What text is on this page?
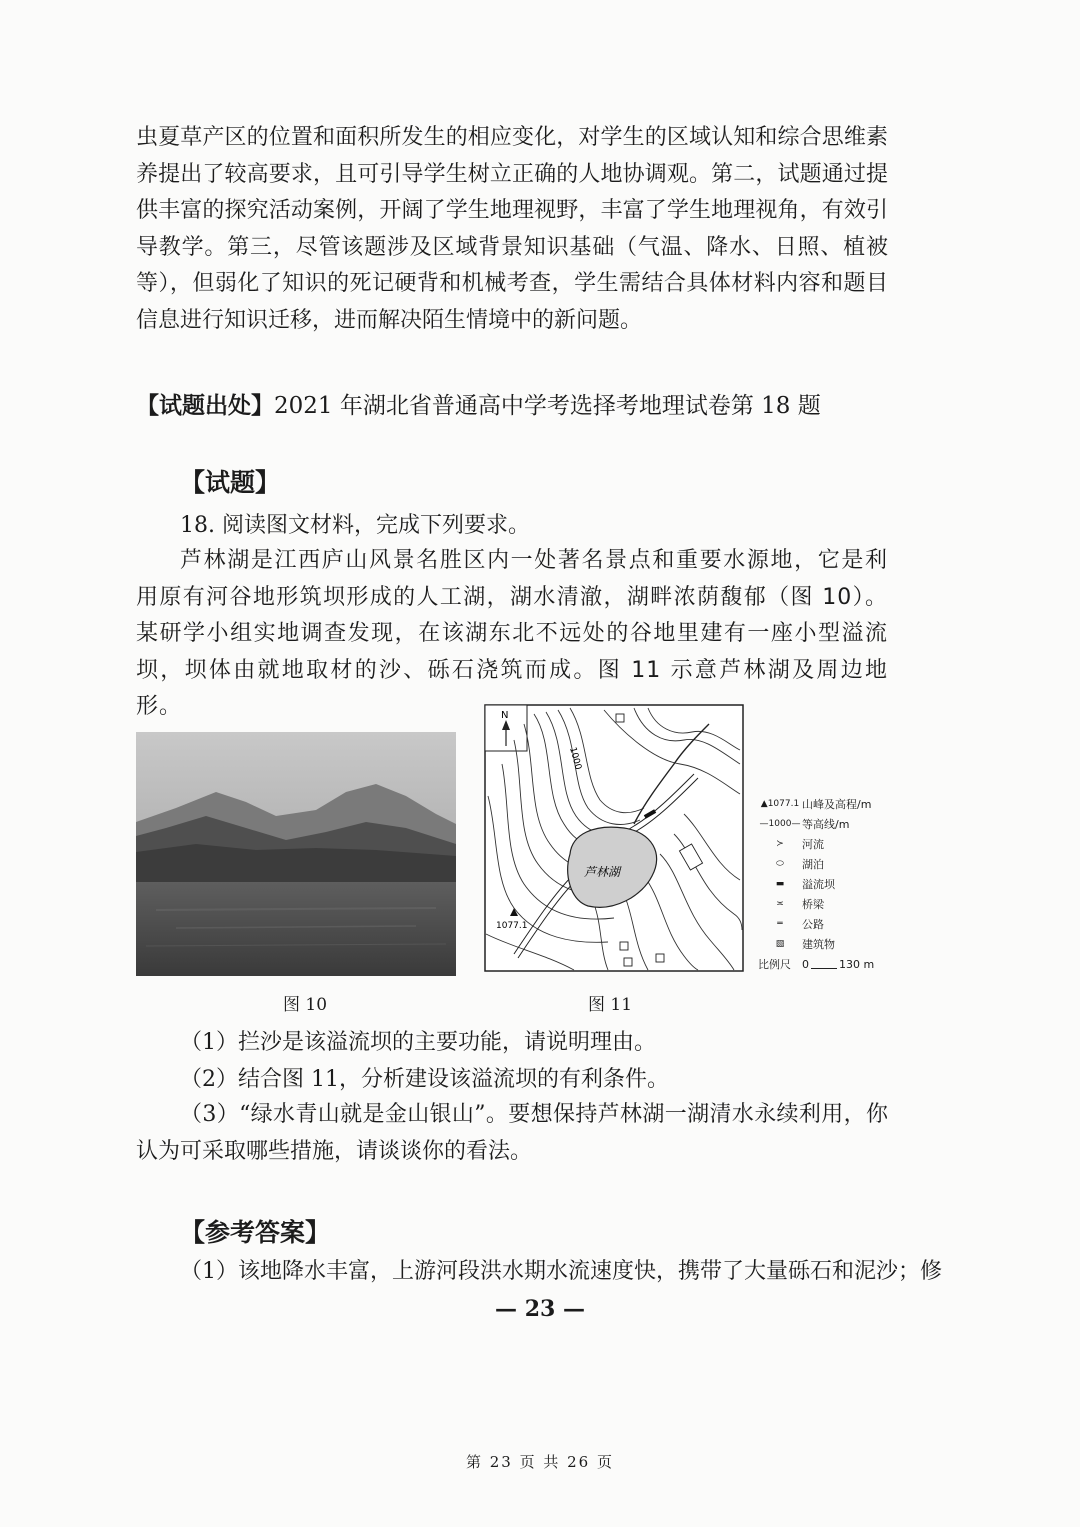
虫夏草产区的位置和面积所发生的相应变化，对学生的区域认知和综合思维素养提出了较高要求，且可引导学生树立正确的人地协调观。第二，试题通过提供丰富的探究活动案例，开阔了学生地理视野，丰富了学生地理视角，有效引导教学。第三，尽管该题涉及区域背景知识基础（气温、降水、日照、植被等），但弱化了知识的死记硬背和机械考查，学生需结合具体材料内容和题目信息进行知识迁移，进而解决陌生情境中的新问题。

【试题出处】2021 年湖北省普通高中学考选择考地理试卷第 18 题

【试题】

18. 阅读图文材料，完成下列要求。

芦林湖是江西庐山风景名胜区内一处著名景点和重要水源地，它是利用原有河谷地形筑坝形成的人工湖，湖水清澈，湖畔浓荫馥郁（图 10）。某研学小组实地调查发现，在该湖东北不远处的谷地里建有一座小型溢流坝，坝体由就地取材的沙、砾石浇筑而成。图 11 示意芦林湖及周边地形。

图 10

N
芦林湖
1000
1077.1

图 11

▲1077.1 山峰及高程/m
—1000— 等高线/m
≻	河流
⬭	湖泊
▬	溢流坝
≍	桥梁
═	公路
▧	建筑物
比例尺	0	130 m

（1）拦沙是该溢流坝的主要功能，请说明理由。

（2）结合图 11，分析建设该溢流坝的有利条件。

（3）“绿水青山就是金山银山”。要想保持芦林湖一湖清水永续利用，你认为可采取哪些措施，请谈谈你的看法。

【参考答案】

（1）该地降水丰富，上游河段洪水期水流速度快，携带了大量砾石和泥沙；修

— 23 —

第 23 页 共 26 页
